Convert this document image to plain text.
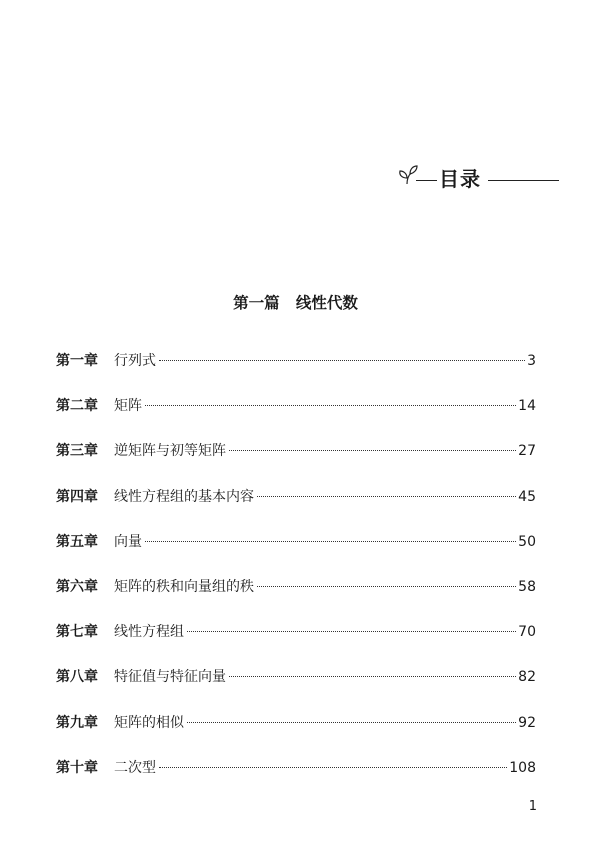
目录
第一篇 线性代数
第一章	行列式	3
第二章	矩阵	14
第三章	逆矩阵与初等矩阵	27
第四章	线性方程组的基本内容	45
第五章	向量	50
第六章	矩阵的秩和向量组的秩	58
第七章	线性方程组	70
第八章	特征值与特征向量	82
第九章	矩阵的相似	92
第十章	二次型	108
1
